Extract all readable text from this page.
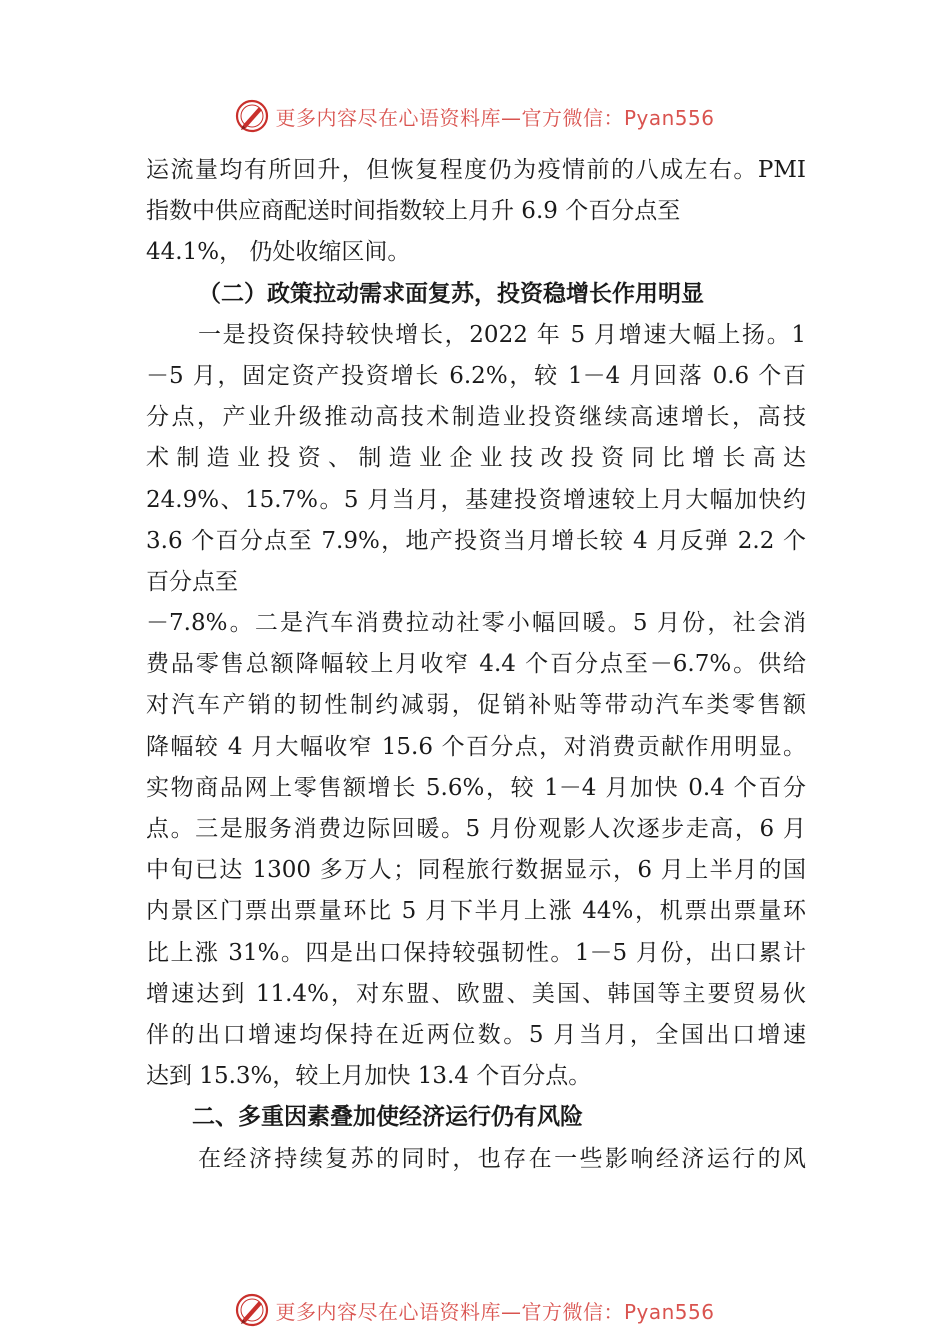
更多内容尽在心语资料库—官方微信：Pyan556
运流量均有所回升，但恢复程度仍为疫情前的八成左右。PMI
指数中供应商配送时间指数较上月升 6.9 个百分点至
44.1%， 仍处收缩区间。
（二）政策拉动需求面复苏，投资稳增长作用明显
一是投资保持较快增长，2022 年 5 月增速大幅上扬。1
－5 月，固定资产投资增长 6.2%，较 1－4 月回落 0.6 个百
分点，产业升级推动高技术制造业投资继续高速增长，高技
术制造业投资、制造业企业技改投资同比增长高达
24.9%、15.7%。5 月当月，基建投资增速较上月大幅加快约
3.6 个百分点至 7.9%，地产投资当月增长较 4 月反弹 2.2 个
百分点至
－7.8%。二是汽车消费拉动社零小幅回暖。5 月份，社会消
费品零售总额降幅较上月收窄 4.4 个百分点至－6.7%。供给
对汽车产销的韧性制约减弱，促销补贴等带动汽车类零售额
降幅较 4 月大幅收窄 15.6 个百分点，对消费贡献作用明显。
实物商品网上零售额增长 5.6%，较 1－4 月加快 0.4 个百分
点。三是服务消费边际回暖。5 月份观影人次逐步走高，6 月
中旬已达 1300 多万人；同程旅行数据显示，6 月上半月的国
内景区门票出票量环比 5 月下半月上涨 44%，机票出票量环
比上涨 31%。四是出口保持较强韧性。1－5 月份，出口累计
增速达到 11.4%，对东盟、欧盟、美国、韩国等主要贸易伙
伴的出口增速均保持在近两位数。5 月当月，全国出口增速
达到 15.3%，较上月加快 13.4 个百分点。
二、多重因素叠加使经济运行仍有风险
在经济持续复苏的同时，也存在一些影响经济运行的风
更多内容尽在心语资料库—官方微信：Pyan556
